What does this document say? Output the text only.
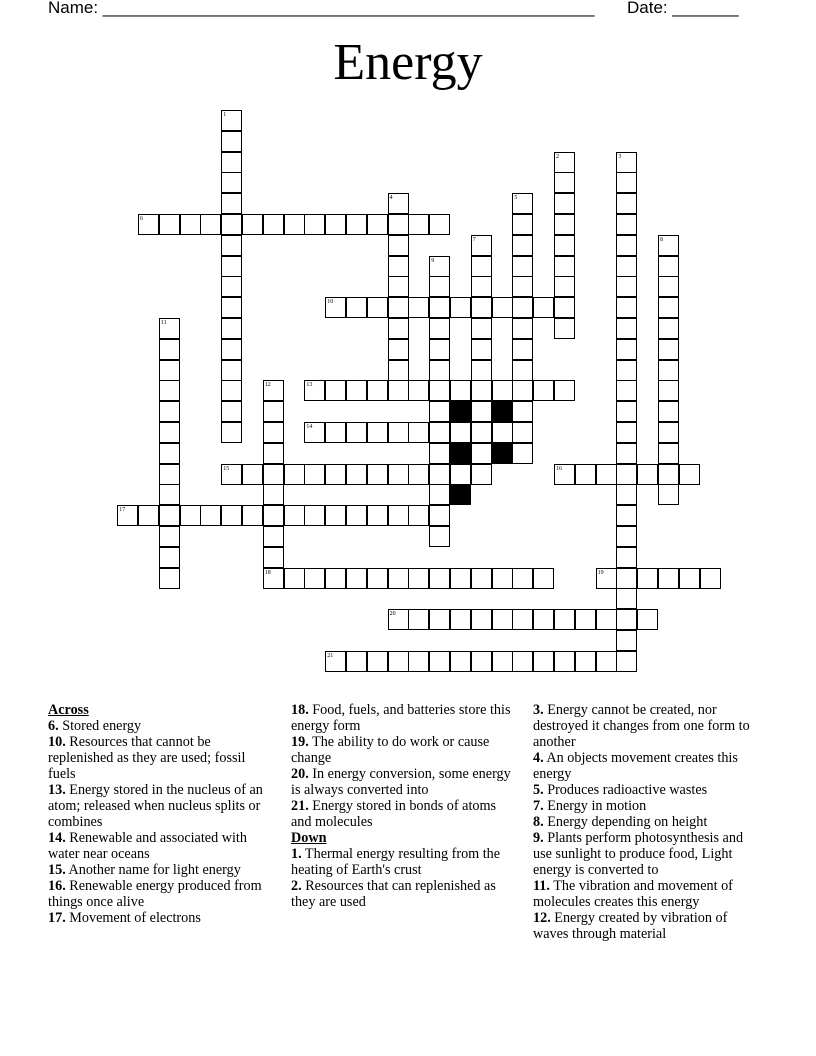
Name: ____________________________________________________ Date: _______
Energy
1
2	3
4	5
6
7	8
9
10
11
12	13
14
15	16
17
18	19
20
21
Across
6. Stored energy
10. Resources that cannot be replenished as they are used; fossil fuels
13. Energy stored in the nucleus of an atom; released when nucleus splits or combines
14. Renewable and associated with water near oceans
15. Another name for light energy
16. Renewable energy produced from things once alive
17. Movement of electrons
18. Food, fuels, and batteries store this energy form
19. The ability to do work or cause change
20. In energy conversion, some energy is always converted into
21. Energy stored in bonds of atoms and molecules
Down
1. Thermal energy resulting from the heating of Earth's crust
2. Resources that can replenished as they are used
3. Energy cannot be created, nor destroyed it changes from one form to another
4. An objects movement creates this energy
5. Produces radioactive wastes
7. Energy in motion
8. Energy depending on height
9. Plants perform photosynthesis and use sunlight to produce food, Light energy is converted to
11. The vibration and movement of molecules creates this energy
12. Energy created by vibration of waves through material
